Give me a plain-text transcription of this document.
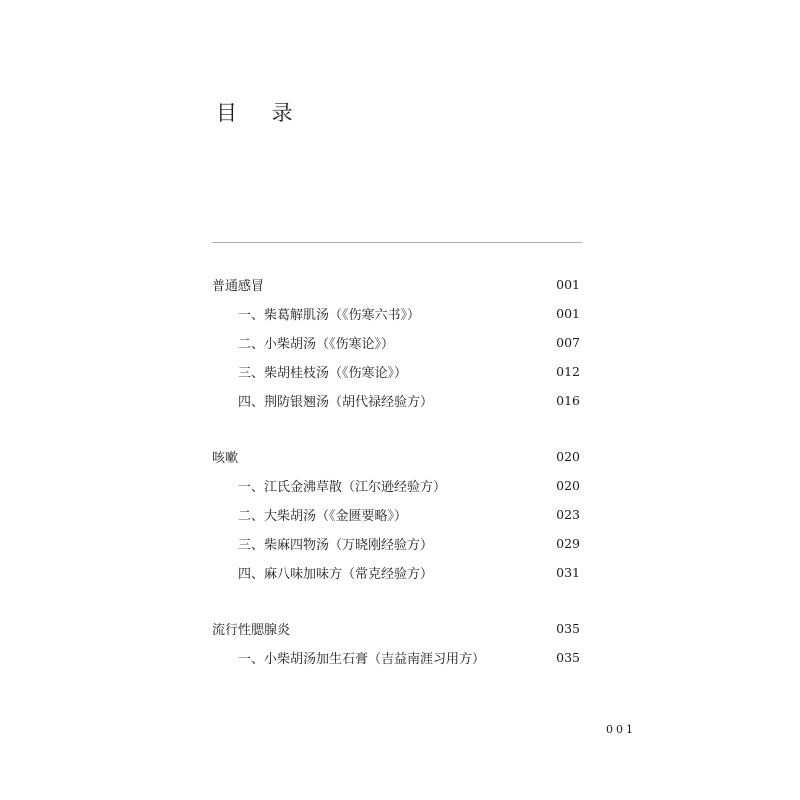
目 录
普通感冒	001
一、柴葛解肌汤（《伤寒六书》）	001
二、小柴胡汤（《伤寒论》）	007
三、柴胡桂枝汤（《伤寒论》）	012
四、荆防银翘汤（胡代禄经验方）	016
咳嗽	020
一、江氏金沸草散（江尔逊经验方）	020
二、大柴胡汤（《金匮要略》）	023
三、柴麻四物汤（万晓刚经验方）	029
四、麻八味加味方（常克经验方）	031
流行性腮腺炎	035
一、小柴胡汤加生石膏（吉益南涯习用方）	035
001
